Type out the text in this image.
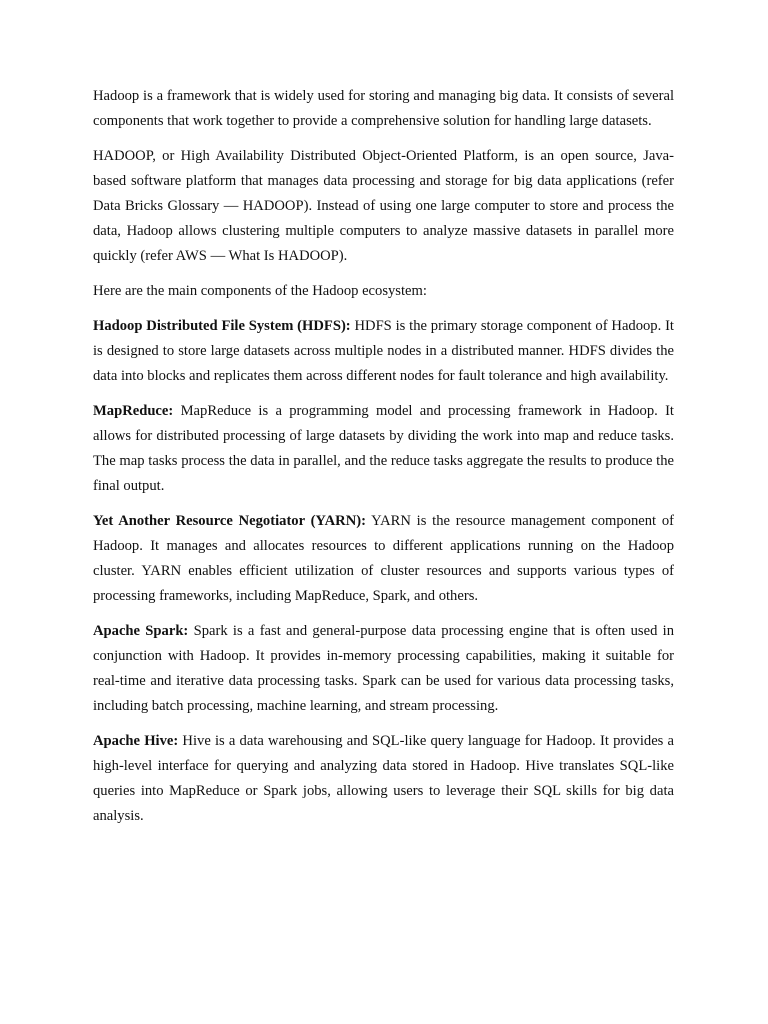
Hadoop is a framework that is widely used for storing and managing big data. It consists of several components that work together to provide a comprehensive solution for handling large datasets.

HADOOP, or High Availability Distributed Object-Oriented Platform, is an open source, Java-based software platform that manages data processing and storage for big data applications (refer Data Bricks Glossary — HADOOP). Instead of using one large computer to store and process the data, Hadoop allows clustering multiple computers to analyze massive datasets in parallel more quickly (refer AWS — What Is HADOOP).

Here are the main components of the Hadoop ecosystem:

Hadoop Distributed File System (HDFS): HDFS is the primary storage component of Hadoop. It is designed to store large datasets across multiple nodes in a distributed manner. HDFS divides the data into blocks and replicates them across different nodes for fault tolerance and high availability.

MapReduce: MapReduce is a programming model and processing framework in Hadoop. It allows for distributed processing of large datasets by dividing the work into map and reduce tasks. The map tasks process the data in parallel, and the reduce tasks aggregate the results to produce the final output.

Yet Another Resource Negotiator (YARN): YARN is the resource management component of Hadoop. It manages and allocates resources to different applications running on the Hadoop cluster. YARN enables efficient utilization of cluster resources and supports various types of processing frameworks, including MapReduce, Spark, and others.

Apache Spark: Spark is a fast and general-purpose data processing engine that is often used in conjunction with Hadoop. It provides in-memory processing capabilities, making it suitable for real-time and iterative data processing tasks. Spark can be used for various data processing tasks, including batch processing, machine learning, and stream processing.

Apache Hive: Hive is a data warehousing and SQL-like query language for Hadoop. It provides a high-level interface for querying and analyzing data stored in Hadoop. Hive translates SQL-like queries into MapReduce or Spark jobs, allowing users to leverage their SQL skills for big data analysis.
